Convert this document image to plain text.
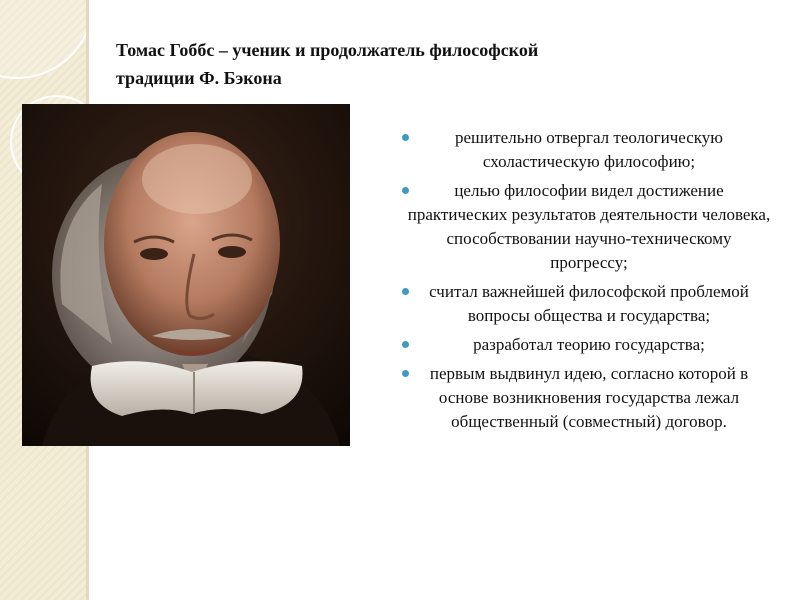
Томас Гоббс – ученик и продолжатель философской
традиции Ф. Бэкона
решительно отвергал теологическую схоластическую философию;
целью философии видел достижение практических результатов деятельности человека, способствовании научно-техническому прогрессу;
считал важнейшей философской проблемой вопросы общества и государства;
разработал теорию государства;
первым выдвинул идею, согласно которой в основе возникновения государства лежал общественный (совместный) договор.
